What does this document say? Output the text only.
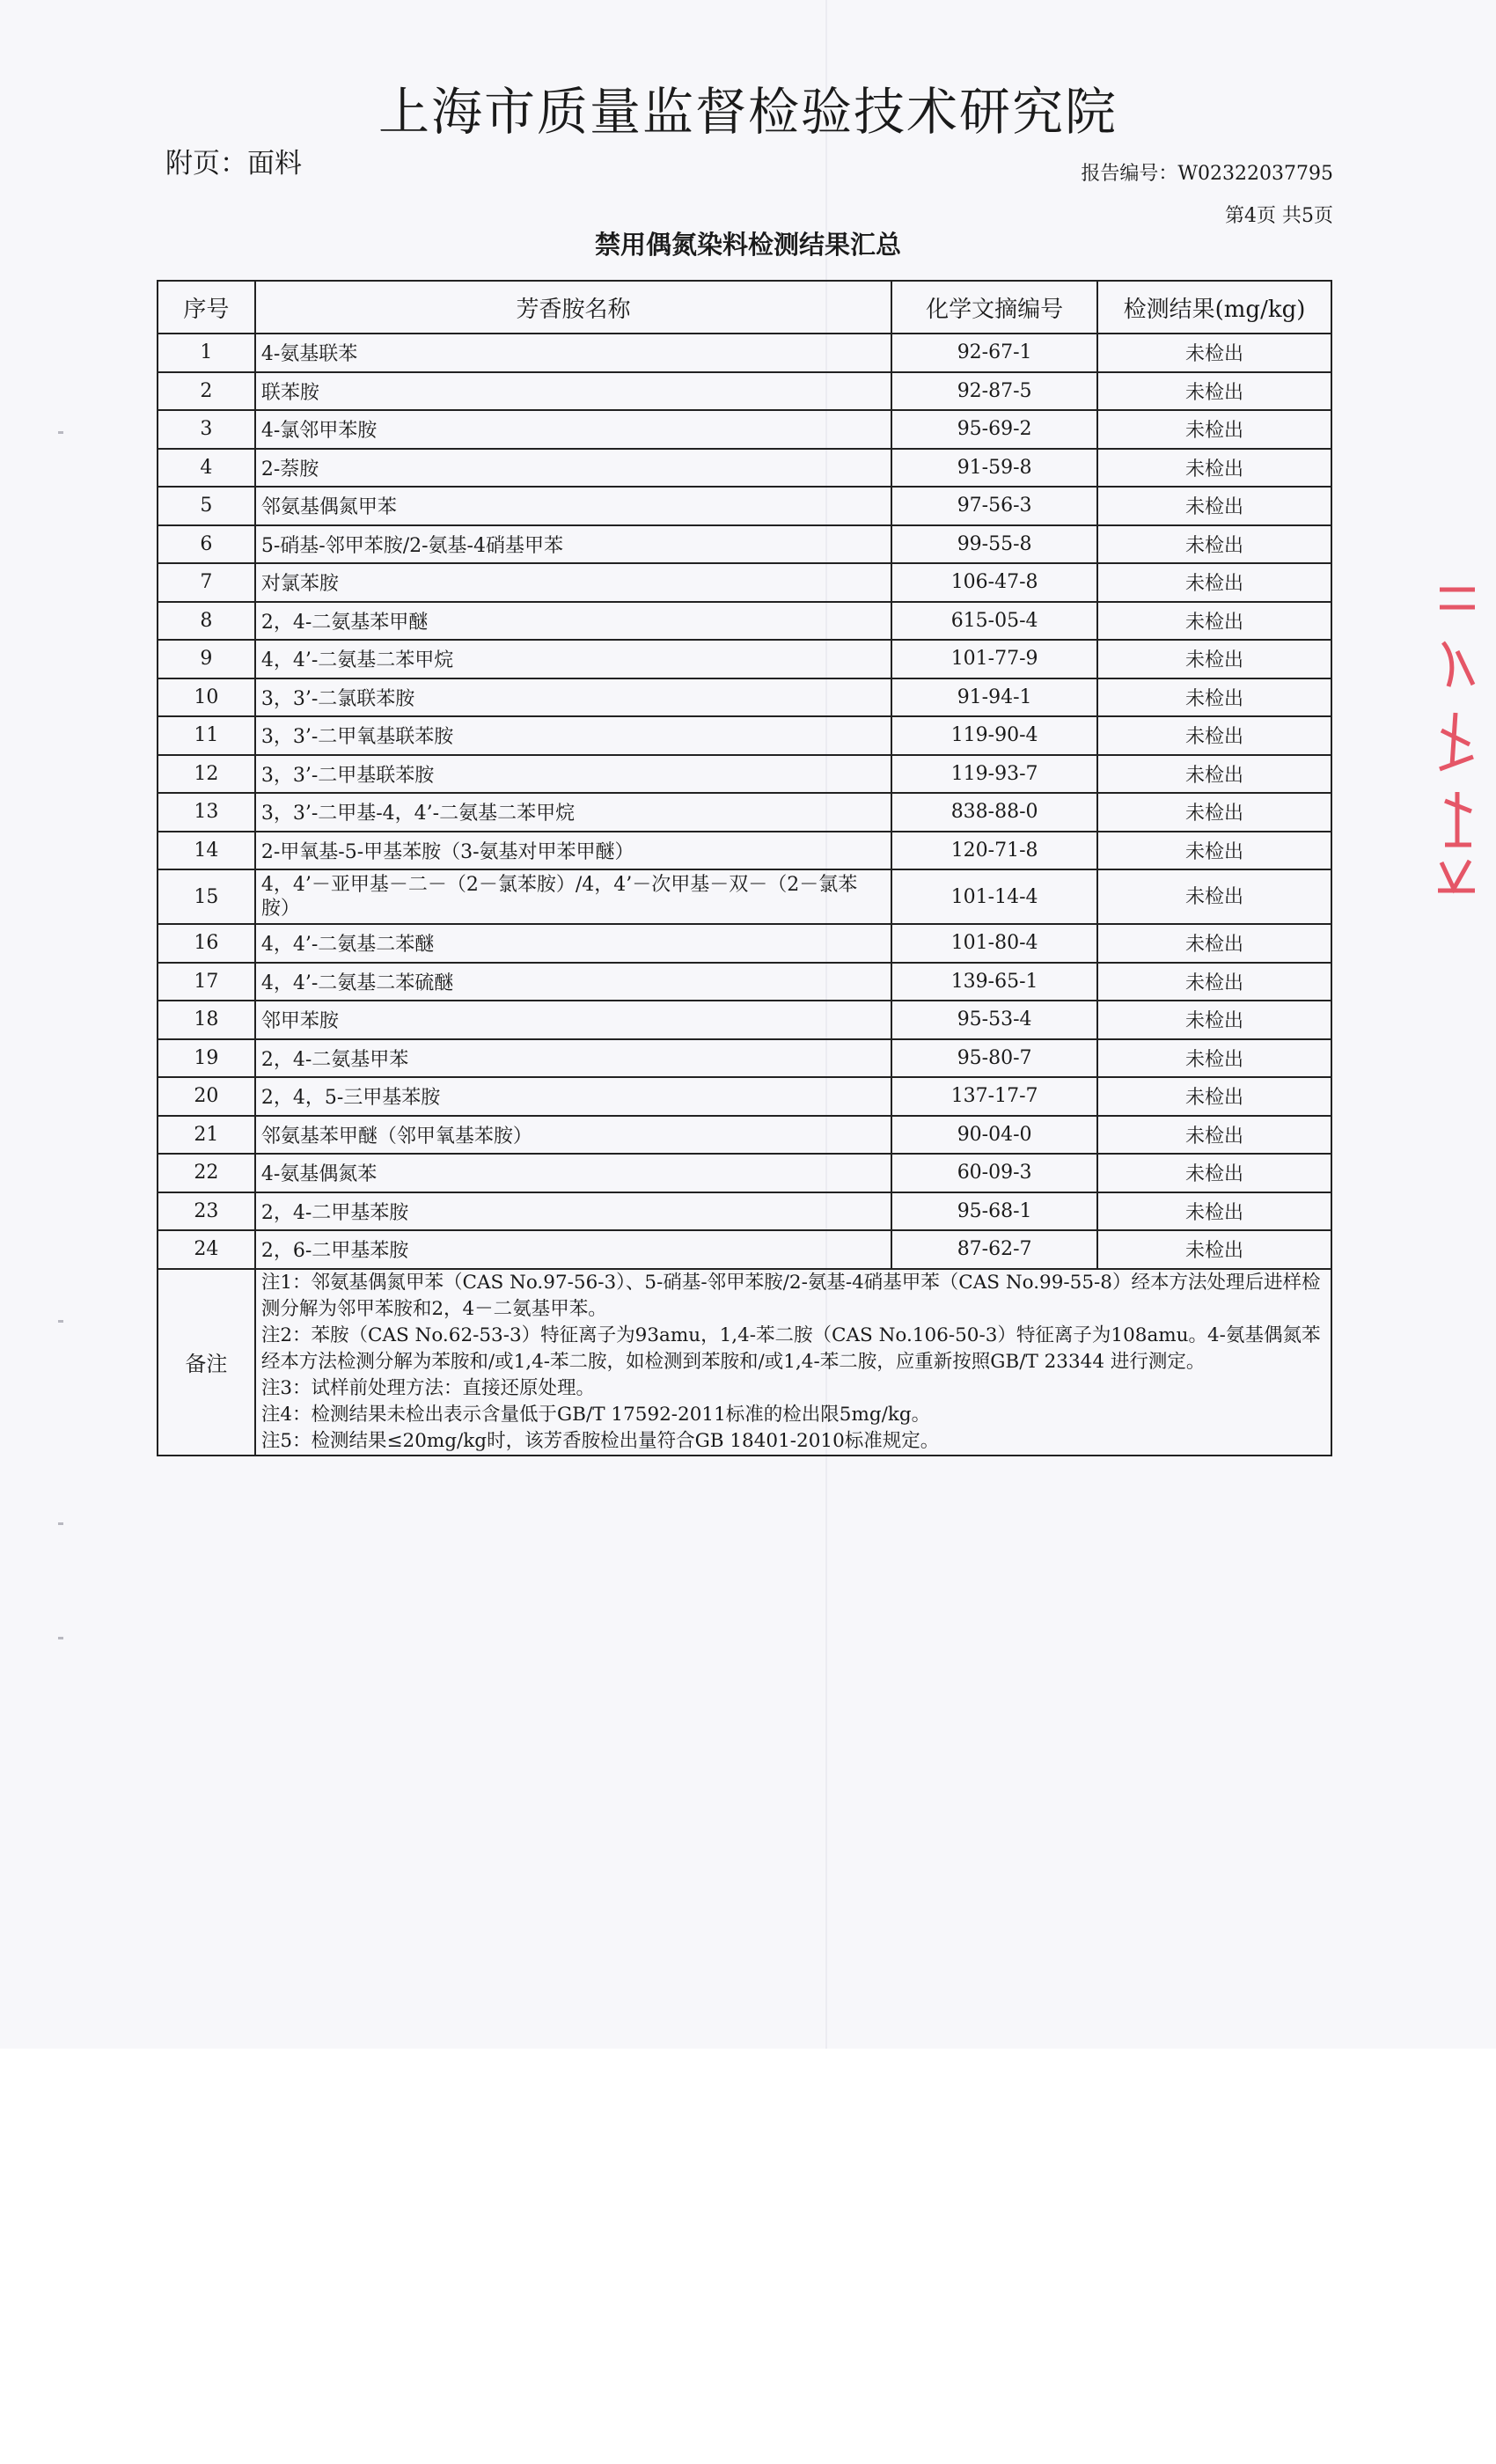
上海市质量监督检验技术研究院
附页：面料	报告编号：W02322037795
第4页 共5页
禁用偶氮染料检测结果汇总
序号	芳香胺名称	化学文摘编号	检测结果(mg/kg)
1	4-氨基联苯	92-67-1	未检出
2	联苯胺	92-87-5	未检出
3	4-氯邻甲苯胺	95-69-2	未检出
4	2-萘胺	91-59-8	未检出
5	邻氨基偶氮甲苯	97-56-3	未检出
6	5-硝基-邻甲苯胺/2-氨基-4硝基甲苯	99-55-8	未检出
7	对氯苯胺	106-47-8	未检出
8	2，4-二氨基苯甲醚	615-05-4	未检出
9	4，4’-二氨基二苯甲烷	101-77-9	未检出
10	3，3’-二氯联苯胺	91-94-1	未检出
11	3，3’-二甲氧基联苯胺	119-90-4	未检出
12	3，3’-二甲基联苯胺	119-93-7	未检出
13	3，3’-二甲基-4，4’-二氨基二苯甲烷	838-88-0	未检出
14	2-甲氧基-5-甲基苯胺（3-氨基对甲苯甲醚）	120-71-8	未检出
15	4，4’－亚甲基－二－（2－氯苯胺）/4，4’－次甲基－双－（2－氯苯胺）	101-14-4	未检出
16	4，4’-二氨基二苯醚	101-80-4	未检出
17	4，4’-二氨基二苯硫醚	139-65-1	未检出
18	邻甲苯胺	95-53-4	未检出
19	2，4-二氨基甲苯	95-80-7	未检出
20	2，4，5-三甲基苯胺	137-17-7	未检出
21	邻氨基苯甲醚（邻甲氧基苯胺）	90-04-0	未检出
22	4-氨基偶氮苯	60-09-3	未检出
23	2，4-二甲基苯胺	95-68-1	未检出
24	2，6-二甲基苯胺	87-62-7	未检出
备注	注1：邻氨基偶氮甲苯（CAS No.97-56-3）、5-硝基-邻甲苯胺/2-氨基-4硝基甲苯（CAS No.99-55-8）经本方法处理后进样检测分解为邻甲苯胺和2，4－二氨基甲苯。
注2：苯胺（CAS No.62-53-3）特征离子为93amu，1,4-苯二胺（CAS No.106-50-3）特征离子为108amu。4-氨基偶氮苯经本方法检测分解为苯胺和/或1,4-苯二胺，如检测到苯胺和/或1,4-苯二胺，应重新按照GB/T 23344 进行测定。
注3：试样前处理方法：直接还原处理。
注4：检测结果未检出表示含量低于GB/T 17592-2011标准的检出限5mg/kg。
注5：检测结果≤20mg/kg时，该芳香胺检出量符合GB 18401-2010标准规定。		
